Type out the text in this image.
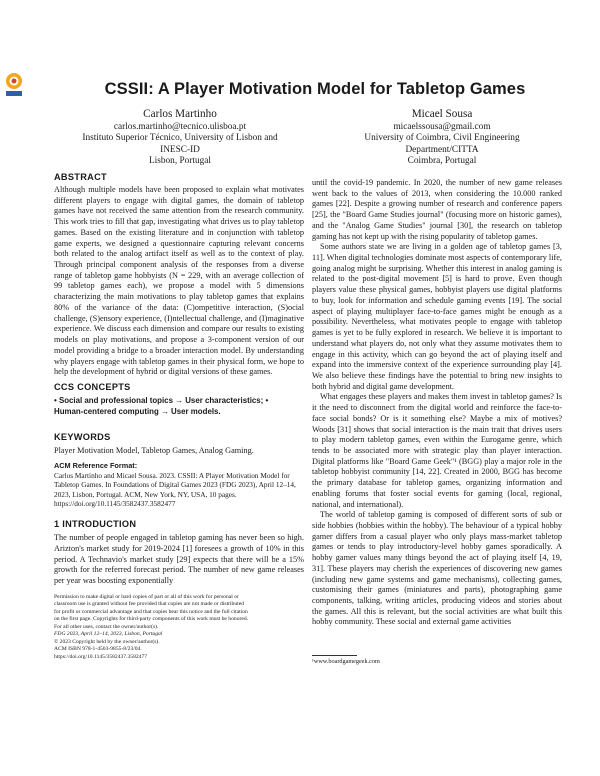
CSSII: A Player Motivation Model for Tabletop Games
Carlos Martinho
carlos.martinho@tecnico.ulisboa.pt
Instituto Superior Técnico, University of Lisbon and
INESC-ID
Lisbon, Portugal
Micael Sousa
micaelssousa@gmail.com
University of Coimbra, Civil Engineering
Department/CITTA
Coimbra, Portugal
ABSTRACT
Although multiple models have been proposed to explain what motivates different players to engage with digital games, the domain of tabletop games have not received the same attention from the research community. This work tries to fill that gap, investigating what drives us to play tabletop games. Based on the existing literature and in conjunction with tabletop game experts, we designed a questionnaire capturing relevant concerns both related to the analog artifact itself as well as to the context of play. Through principal component analysis of the responses from a diverse range of tabletop game hobbyists (N = 229, with an average collection of 99 tabletop games each), we propose a model with 5 dimensions characterizing the main motivations to play tabletop games that explains 80% of the variance of the data: (C)ompetitive interaction, (S)ocial challenge, (S)ensory experience, (I)ntellectual challenge, and (I)maginative experience. We discuss each dimension and compare our results to existing models on play motivations, and propose a 3-component version of our model providing a bridge to a broader interaction model. By understanding why players engage with tabletop games in their physical form, we hope to help the development of hybrid or digital versions of these games.
CCS CONCEPTS
• Social and professional topics → User characteristics; •
Human-centered computing → User models.
KEYWORDS
Player Motivation Model, Tabletop Games, Analog Gaming.
ACM Reference Format:
Carlos Martinho and Micael Sousa. 2023. CSSII: A Player Motivation Model for Tabletop Games. In Foundations of Digital Games 2023 (FDG 2023), April 12–14, 2023, Lisbon, Portugal. ACM, New York, NY, USA, 10 pages. https://doi.org/10.1145/3582437.3582477
1 INTRODUCTION
The number of people engaged in tabletop gaming has never been so high. Arizton's market study for 2019-2024 [1] foresees a growth of 10% in this period. A Technavio's market study [29] expects that there will be a 15% growth for the referred forecast period. The number of new game releases per year was boosting exponentially
Permission to make digital or hard copies of part or all of this work for personal or
classroom use is granted without fee provided that copies are not made or distributed
for profit or commercial advantage and that copies bear this notice and the full citation
on the first page. Copyrights for third-party components of this work must be honored.
For all other uses, contact the owner/author(s).
FDG 2023, April 12–14, 2023, Lisbon, Portugal
© 2023 Copyright held by the owner/author(s).
ACM ISBN 978-1-4503-9855-8/23/04.
https://doi.org/10.1145/3582437.3582477

until the covid-19 pandemic. In 2020, the number of new game releases went back to the values of 2013, when considering the 10.000 ranked games [22]. Despite a growing number of research and conference papers [25], the "Board Game Studies journal" (focusing more on historic games), and the "Analog Game Studies" journal [30], the research on tabletop gaming has not kept up with the rising popularity of tabletop games.

Some authors state we are living in a golden age of tabletop games [3, 11]. When digital technologies dominate most aspects of contemporary life, going analog might be surprising. Whether this interest in analog gaming is related to the post-digital movement [5] is hard to prove. Even though players value these physical games, hobbyist players use digital platforms to buy, look for information and schedule gaming events [19]. The social aspect of playing multiplayer face-to-face games might be enough as a possibility. Nevertheless, what motivates people to engage with tabletop games is yet to be fully explored in research. We believe it is important to understand what players do, not only what they assume motivates them to engage in this activity, which can go beyond the act of playing itself and expand into the immersive context of the experience surrounding play [4]. We also believe these findings have the potential to bring new insights to both hybrid and digital game development.

What engages these players and makes them invest in tabletop games? Is it the need to disconnect from the digital world and reinforce the face-to-face social bonds? Or is it something else? Maybe a mix of motives? Woods [31] shows that social interaction is the main trait that drives users to play modern tabletop games, even within the Eurogame genre, which tends to be associated more with strategic play than player interaction. Digital platforms like "Board Game Geek"¹ (BGG) play a major role in the tabletop hobbyist community [14, 22]. Created in 2000, BGG has become the primary database for tabletop games, organizing information and enabling forums that foster social events for gaming (local, regional, national, and international).

The world of tabletop gaming is composed of different sorts of sub or side hobbies (hobbies within the hobby). The behaviour of a typical hobby gamer differs from a casual player who only plays mass-market tabletop games or tends to play introductory-level hobby games sporadically. A hobby gamer values many things beyond the act of playing itself [4, 19, 31]. These players may cherish the experiences of discovering new games (including new game systems and game mechanisms), collecting games, customising their games (miniatures and parts), photographing game components, talking, writing articles, producing videos and stories about the games. All this is relevant, but the social activities are what built this hobby community. These social and external game activities

¹www.boardgamegeek.com
